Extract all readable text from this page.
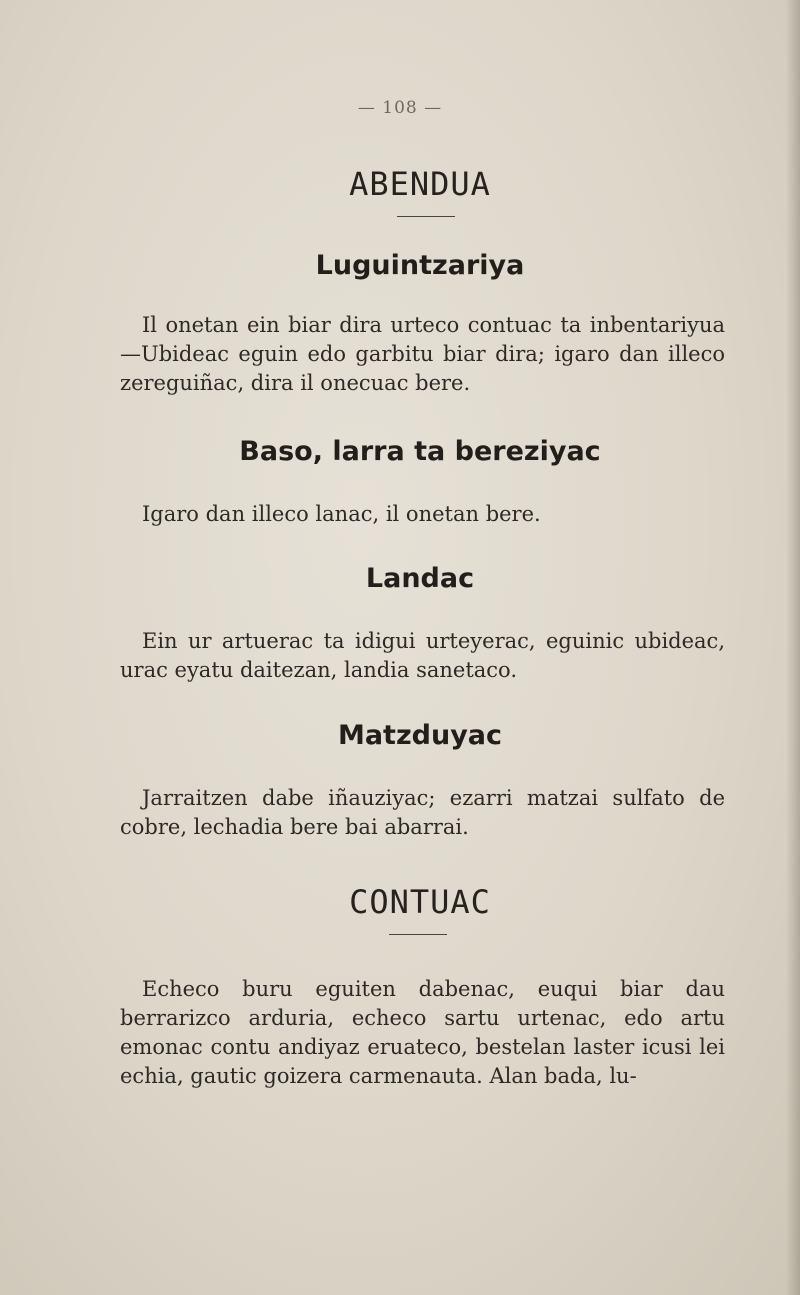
— 108 —
ABENDUA
Luguintzariya
Il onetan ein biar dira urteco contuac ta inbentariyua—Ubideac eguin edo garbitu biar dira; igaro dan illeco zereguiñac, dira il onecuac bere.
Baso, larra ta bereziyac
Igaro dan illeco lanac, il onetan bere.
Landac
Ein ur artuerac ta idigui urteyerac, eguinic ubideac, urac eyatu daitezan, landia sanetaco.
Matzduyac
Jarraitzen dabe iñauziyac; ezarri matzai sulfato de cobre, lechadia bere bai abarrai.
CONTUAC
Echeco buru eguiten dabenac, euqui biar dau berrarizco arduria, echeco sartu urtenac, edo artu emonac contu andiyaz eruateco, bestelan laster icusi lei echia, gautic goizera carmenauta. Alan bada, lu-
